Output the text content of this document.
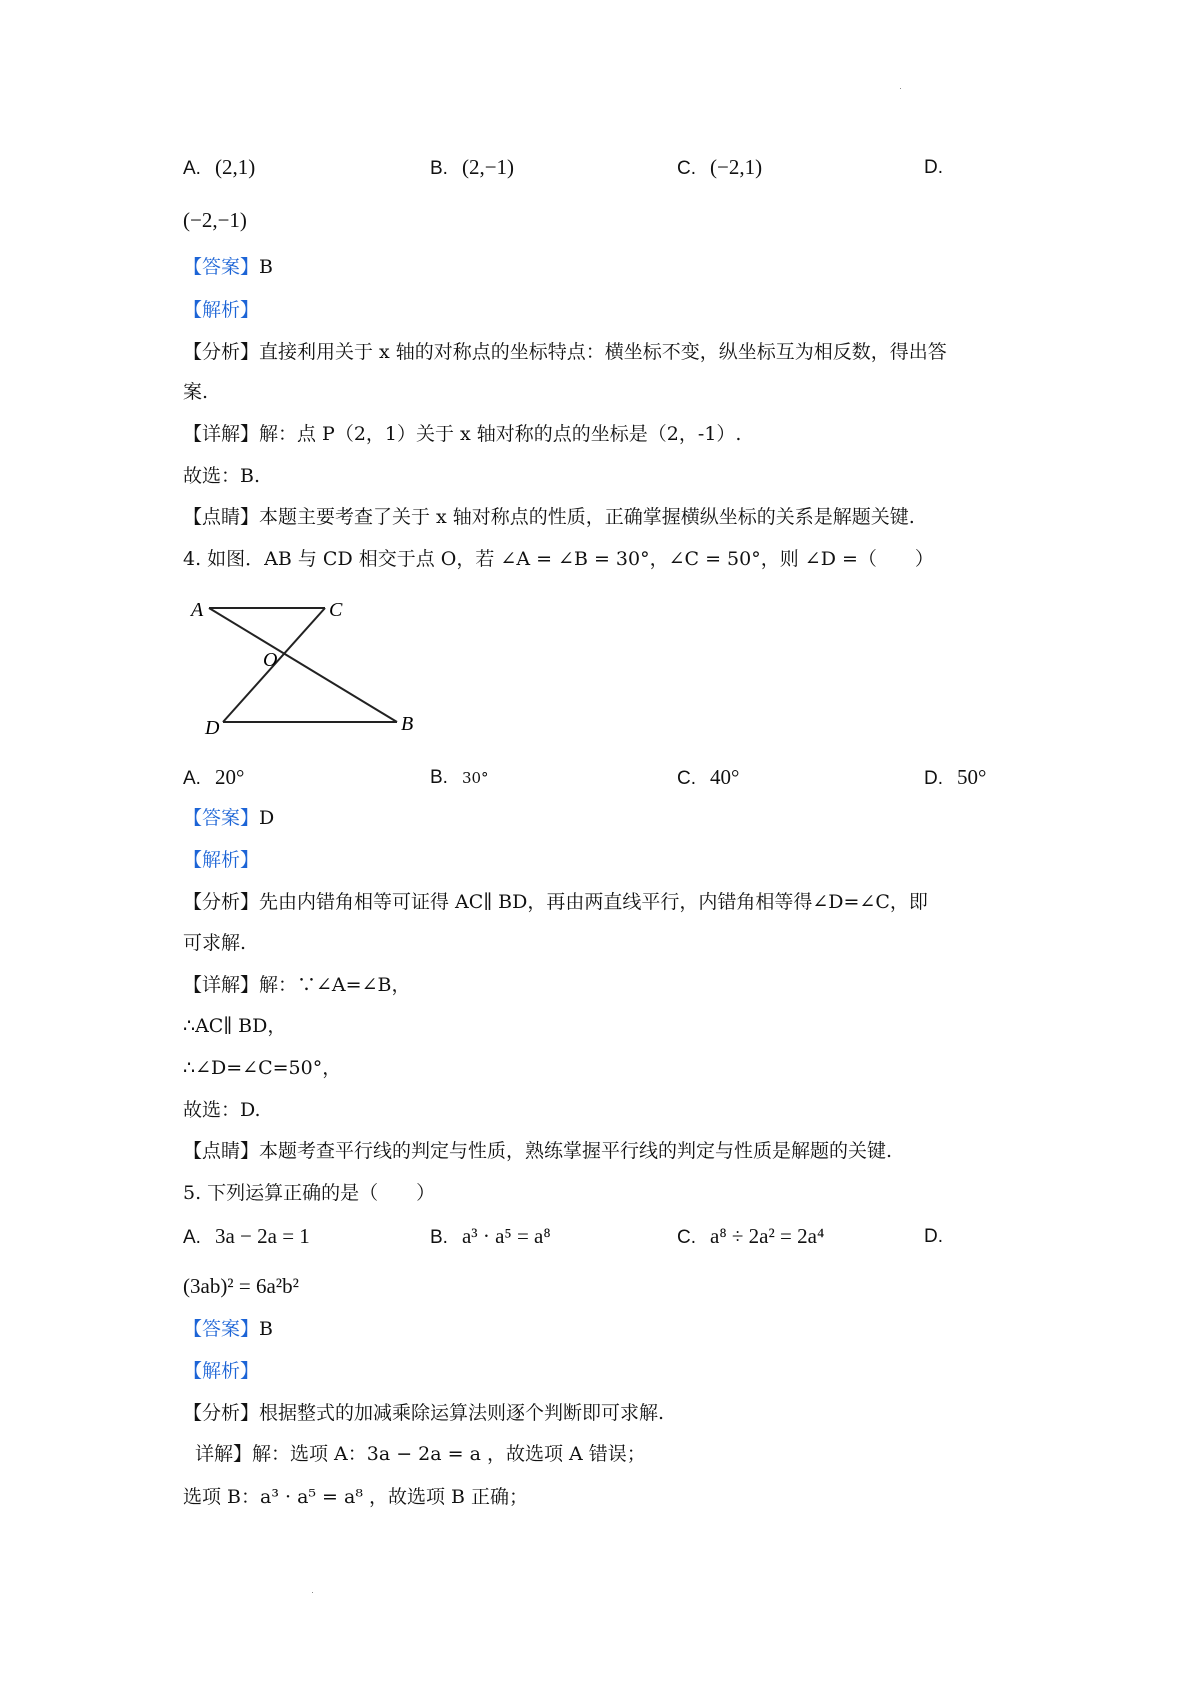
A. (2,1)	B. (2,−1)	C. (−2,1)	D.
(−2,−1)
【答案】B
【解析】
【分析】直接利用关于 x 轴的对称点的坐标特点：横坐标不变，纵坐标互为相反数，得出答
案.
【详解】解：点 P（2，1）关于 x 轴对称的点的坐标是（2，-1）.
故选：B.
【点睛】本题主要考查了关于 x 轴对称点的性质，正确掌握横纵坐标的关系是解题关键.
4. 如图．AB 与 CD 相交于点 O，若 ∠A = ∠B = 30°，∠C = 50°，则 ∠D =（　　）
A	C
O
D	B
A. 20°	B. 30°	C. 40°	D. 50°
【答案】D
【解析】
【分析】先由内错角相等可证得 AC∥ BD，再由两直线平行，内错角相等得∠D=∠C，即
可求解.
【详解】解：∵∠A=∠B，
∴AC∥ BD，
∴∠D=∠C=50°，
故选：D.
【点睛】本题考查平行线的判定与性质，熟练掌握平行线的判定与性质是解题的关键.
5. 下列运算正确的是（　　）
A. 3a − 2a = 1	B. a³ · a⁵ = a⁸	C. a⁸ ÷ 2a² = 2a⁴	D.
(3ab)² = 6a²b²
【答案】B
【解析】
【分析】根据整式的加减乘除运算法则逐个判断即可求解.
详解】解：选项 A：3a − 2a = a ，故选项 A 错误；
选项 B：a³ · a⁵ = a⁸ ，故选项 B 正确；
